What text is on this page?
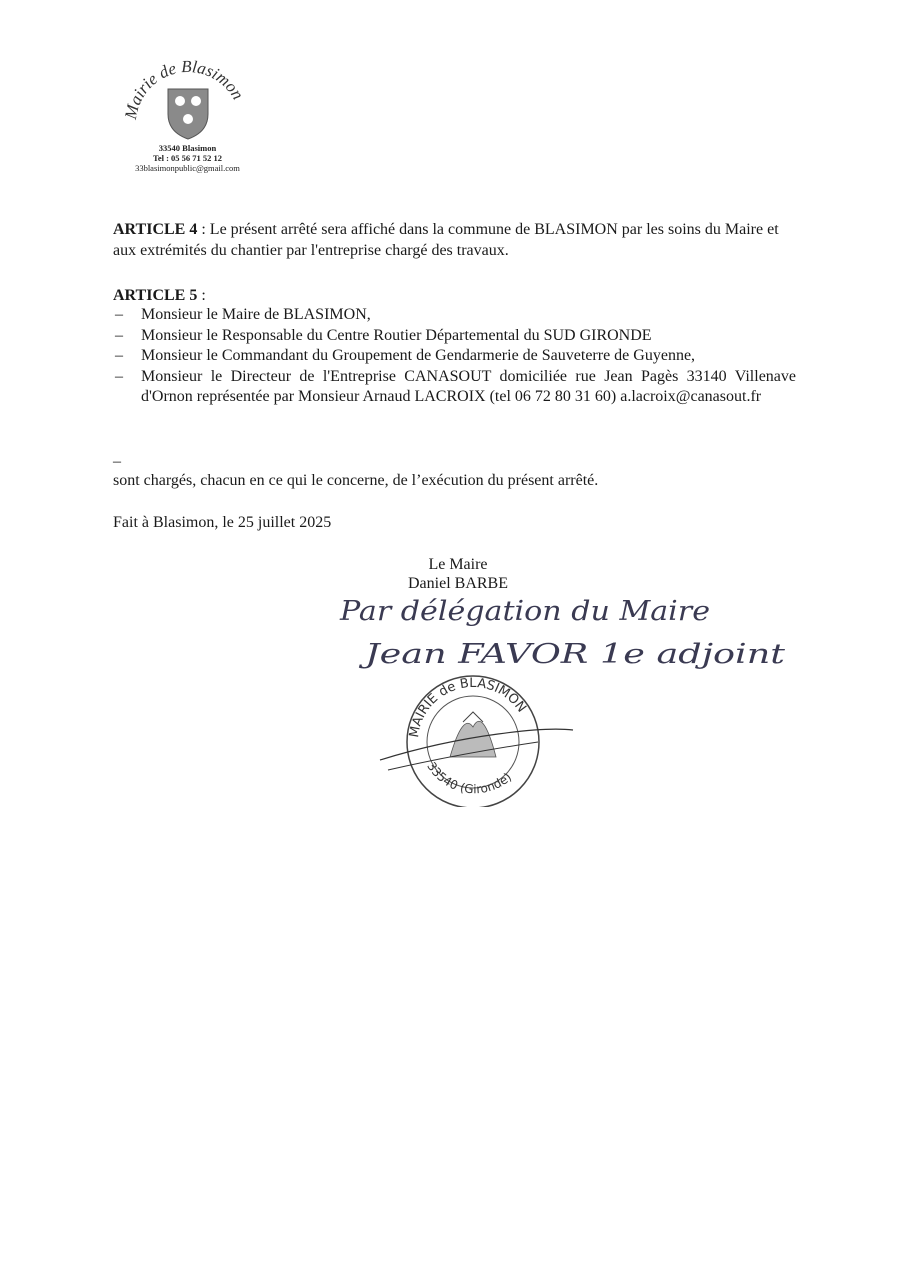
Mairie de Blasimon
33540 Blasimon
Tel : 05 56 71 52 12
33blasimonpublic@gmail.com

ARTICLE 4 : Le présent arrêté sera affiché dans la commune de BLASIMON par les soins du Maire et aux extrémités du chantier par l'entreprise chargé des travaux.

ARTICLE 5 :

– Monsieur le Maire de BLASIMON,
– Monsieur le Responsable du Centre Routier Départemental du SUD GIRONDE
– Monsieur le Commandant du Groupement de Gendarmerie de Sauveterre de Guyenne,
– Monsieur le Directeur de l'Entreprise CANASOUT domiciliée rue Jean Pagès 33140 Villenave d'Ornon représentée par Monsieur Arnaud LACROIX (tel 06 72 80 31 60) a.lacroix@canasout.fr
–

sont chargés, chacun en ce qui le concerne, de l’exécution du présent arrêté.

Fait à Blasimon, le 25 juillet 2025

Le Maire
Daniel BARBE
Par délégation du Maire
Jean FAVOR 1e adjoint
MAIRIE de BLASIMON
33540 (Gironde)
